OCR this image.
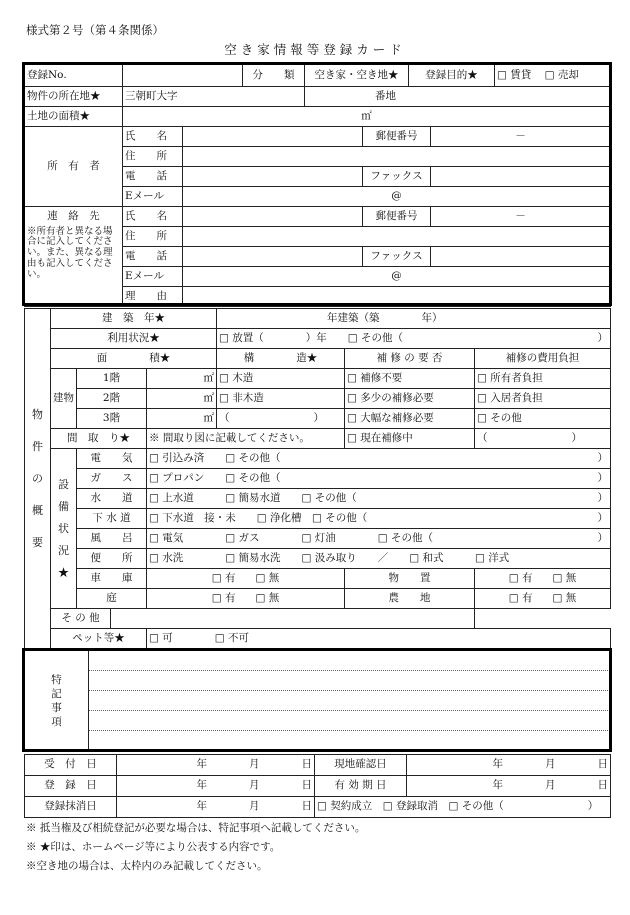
様式第２号（第４条関係）
空き家情報等登録カード
登録No.		分　　類	空き家・空き地★	登録目的★	□ 賃貸 □ 売却
物件の所在地★	三朝町大字		番地		
土地の面積★	㎡				
所　有　者	氏　　名		郵便番号	－
	住　　所			
	電　　話		ファックス	
	Eメール	@		

連　絡　先
※所有者と異なる場合に記入してください。また、異なる理由も記入してください。	氏　　名		郵便番号	－
	住　　所			
	電　　話		ファックス	
	Eメール	@		
	理　　由			
物件の概要	建　築　年★				年建築（築　　　　年）		
	利用状況★				□ 放置（　　　　）年　　□ その他（ ）		

	面　　　　積★				構　　　　造★	補 修 の 要 否	補修の費用負担
	建物	1階		㎡	□ 木造	□ 補修不要	□ 所有者負担
		2階		㎡	□ 非木造	□ 多少の補修必要	□ 入居者負担
		3階		㎡	（　　　　　　　　）	□ 大幅な補修必要	□ その他
	間　取　り★			※ 間取り図に記載してください。		□ 現在補修中	（　　　　　　　　）
	設備状況★	電　　気		□ 引込み済　　□ その他（ ）			

		ガ　　ス		□ プロパン　　□ その他（ ）			

		水　　道		□ 上水道　　　□ 簡易水道　　□ その他（ ）			

		下 水 道		□ 下水道　接・未　　□ 浄化槽　□ その他（ ）			

		風　　呂		□ 電気　　　　□ ガス　　　　□ 灯油　　　　□ その他（ ）			

		便　　所		□ 水洗　　　　□ 簡易水洗　　□ 汲み取り　　／　　□ 和式　　　□ 洋式			
		車　　庫		□ 有 □ 無		物　　置	□ 有 □ 無
		庭		□ 有 □ 無		農　　地	□ 有 □ 無
	そ の 他						
	ペット等★			□ 可　　　　□ 不可			
特記事項

受　付　日	年　　　　月　　　　日	現地確認日	年　　　　月　　　　日
登　録　日	年　　　　月　　　　日	有 効 期 日	年　　　　月　　　　日
登録抹消日	年　　　　月　　　　日	□ 契約成立　□ 登録取消　□ その他（　　　　　　　　）	
※ 抵当権及び相続登記が必要な場合は、特記事項へ記載してください。
※ ★印は、ホームページ等により公表する内容です。
※空き地の場合は、太枠内のみ記載してください。
